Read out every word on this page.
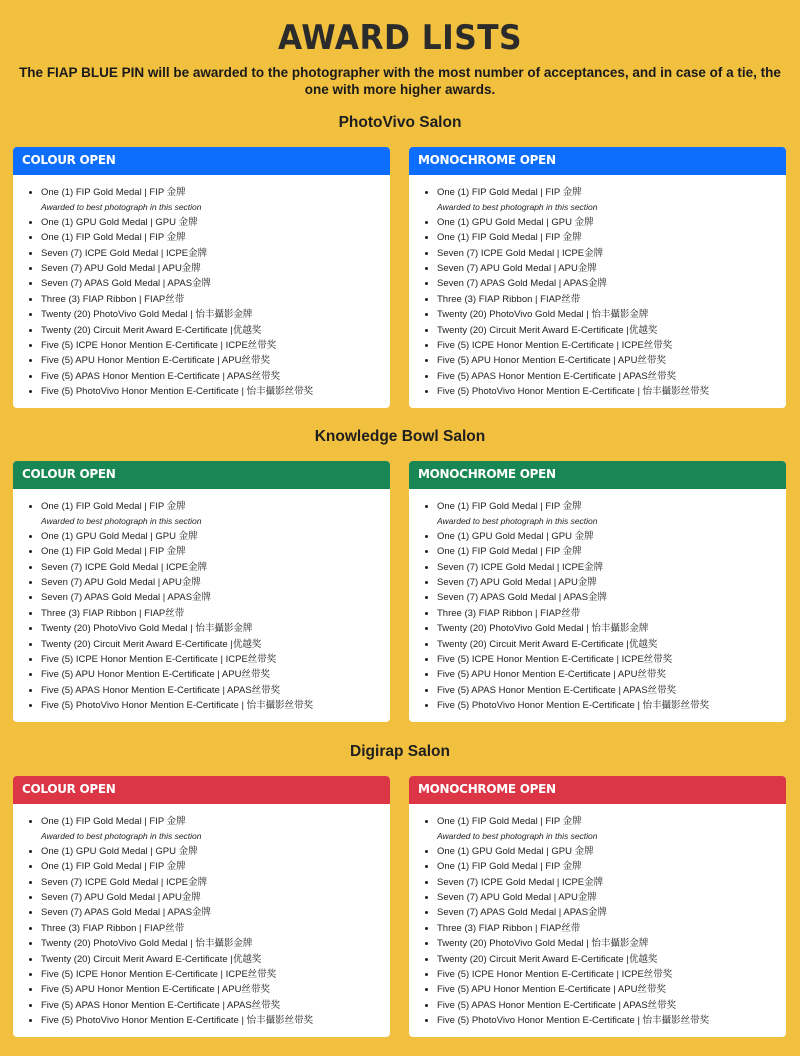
AWARD LISTS

The FIAP BLUE PIN will be awarded to the photographer with the most number of acceptances, and in case of a tie, the one with more higher awards.

PhotoVivo Salon
COLOUR OPEN
• One (1) FIP Gold Medal | FIP 金牌
Awarded to best photograph in this section
• One (1) GPU Gold Medal | GPU 金牌
• One (1) FIP Gold Medal | FIP 金牌
• Seven (7) ICPE Gold Medal | ICPE金牌
• Seven (7) APU Gold Medal | APU金牌
• Seven (7) APAS Gold Medal | APAS金牌
• Three (3) FIAP Ribbon | FIAP丝带
• Twenty (20) PhotoVivo Gold Medal | 怡丰攝影金牌
• Twenty (20) Circuit Merit Award E-Certificate |优越奖
• Five (5) ICPE Honor Mention E-Certificate | ICPE丝带奖
• Five (5) APU Honor Mention E-Certificate | APU丝带奖
• Five (5) APAS Honor Mention E-Certificate | APAS丝带奖
• Five (5) PhotoVivo Honor Mention E-Certificate | 怡丰攝影丝带奖
MONOCHROME OPEN
• One (1) FIP Gold Medal | FIP 金牌
Awarded to best photograph in this section
• One (1) GPU Gold Medal | GPU 金牌
• One (1) FIP Gold Medal | FIP 金牌
• Seven (7) ICPE Gold Medal | ICPE金牌
• Seven (7) APU Gold Medal | APU金牌
• Seven (7) APAS Gold Medal | APAS金牌
• Three (3) FIAP Ribbon | FIAP丝带
• Twenty (20) PhotoVivo Gold Medal | 怡丰攝影金牌
• Twenty (20) Circuit Merit Award E-Certificate |优越奖
• Five (5) ICPE Honor Mention E-Certificate | ICPE丝带奖
• Five (5) APU Honor Mention E-Certificate | APU丝带奖
• Five (5) APAS Honor Mention E-Certificate | APAS丝带奖
• Five (5) PhotoVivo Honor Mention E-Certificate | 怡丰攝影丝带奖
Knowledge Bowl Salon
COLOUR OPEN
• One (1) FIP Gold Medal | FIP 金牌
Awarded to best photograph in this section
• One (1) GPU Gold Medal | GPU 金牌
• One (1) FIP Gold Medal | FIP 金牌
• Seven (7) ICPE Gold Medal | ICPE金牌
• Seven (7) APU Gold Medal | APU金牌
• Seven (7) APAS Gold Medal | APAS金牌
• Three (3) FIAP Ribbon | FIAP丝带
• Twenty (20) PhotoVivo Gold Medal | 怡丰攝影金牌
• Twenty (20) Circuit Merit Award E-Certificate |优越奖
• Five (5) ICPE Honor Mention E-Certificate | ICPE丝带奖
• Five (5) APU Honor Mention E-Certificate | APU丝带奖
• Five (5) APAS Honor Mention E-Certificate | APAS丝带奖
• Five (5) PhotoVivo Honor Mention E-Certificate | 怡丰攝影丝带奖
MONOCHROME OPEN
• One (1) FIP Gold Medal | FIP 金牌
Awarded to best photograph in this section
• One (1) GPU Gold Medal | GPU 金牌
• One (1) FIP Gold Medal | FIP 金牌
• Seven (7) ICPE Gold Medal | ICPE金牌
• Seven (7) APU Gold Medal | APU金牌
• Seven (7) APAS Gold Medal | APAS金牌
• Three (3) FIAP Ribbon | FIAP丝带
• Twenty (20) PhotoVivo Gold Medal | 怡丰攝影金牌
• Twenty (20) Circuit Merit Award E-Certificate |优越奖
• Five (5) ICPE Honor Mention E-Certificate | ICPE丝带奖
• Five (5) APU Honor Mention E-Certificate | APU丝带奖
• Five (5) APAS Honor Mention E-Certificate | APAS丝带奖
• Five (5) PhotoVivo Honor Mention E-Certificate | 怡丰攝影丝带奖
Digirap Salon
COLOUR OPEN
• One (1) FIP Gold Medal | FIP 金牌
Awarded to best photograph in this section
• One (1) GPU Gold Medal | GPU 金牌
• One (1) FIP Gold Medal | FIP 金牌
• Seven (7) ICPE Gold Medal | ICPE金牌
• Seven (7) APU Gold Medal | APU金牌
• Seven (7) APAS Gold Medal | APAS金牌
• Three (3) FIAP Ribbon | FIAP丝带
• Twenty (20) PhotoVivo Gold Medal | 怡丰攝影金牌
• Twenty (20) Circuit Merit Award E-Certificate |优越奖
• Five (5) ICPE Honor Mention E-Certificate | ICPE丝带奖
• Five (5) APU Honor Mention E-Certificate | APU丝带奖
• Five (5) APAS Honor Mention E-Certificate | APAS丝带奖
• Five (5) PhotoVivo Honor Mention E-Certificate | 怡丰攝影丝带奖
MONOCHROME OPEN
• One (1) FIP Gold Medal | FIP 金牌
Awarded to best photograph in this section
• One (1) GPU Gold Medal | GPU 金牌
• One (1) FIP Gold Medal | FIP 金牌
• Seven (7) ICPE Gold Medal | ICPE金牌
• Seven (7) APU Gold Medal | APU金牌
• Seven (7) APAS Gold Medal | APAS金牌
• Three (3) FIAP Ribbon | FIAP丝带
• Twenty (20) PhotoVivo Gold Medal | 怡丰攝影金牌
• Twenty (20) Circuit Merit Award E-Certificate |优越奖
• Five (5) ICPE Honor Mention E-Certificate | ICPE丝带奖
• Five (5) APU Honor Mention E-Certificate | APU丝带奖
• Five (5) APAS Honor Mention E-Certificate | APAS丝带奖
• Five (5) PhotoVivo Honor Mention E-Certificate | 怡丰攝影丝带奖
